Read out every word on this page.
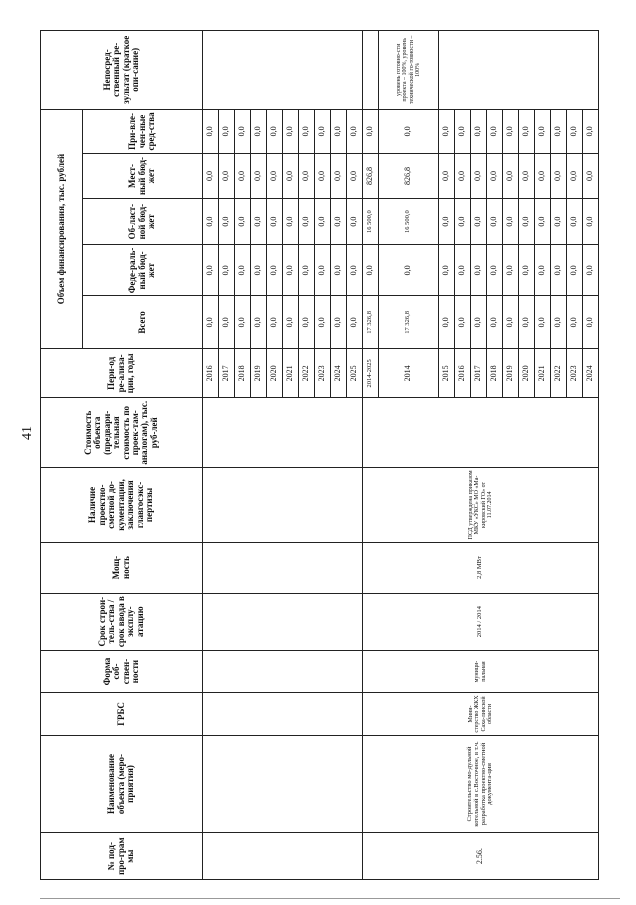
41
№ под-про-грам мы	Наименование объекта (меро-приятия)	ГРБС	Форма соб-ствен-ности	Срок строи-тель-ства / срок ввода в эксплу-атацию	Мощ-ность	Наличие проектно-сметной до-кументации, заключения главгосэкс-пертизы	Стоимость объекта (предвари-тельная стоимость по проек-там-аналогам), тыс. руб-лей	Пери-од ре-ализа-ции, годы	Объем финансирования, тыс. рублей					Непосред-ственный ре-зультат (краткое опи-сание)
									Всего	Феде-раль-ный бюд-жет	Об-ласт-ной бюд-жет	Мест-ный бюд-жет	При-вле-чен-ные сред-ства	
								2016	0,0	0,0	0,0	0,0	0,0	
								2017	0,0	0,0	0,0	0,0	0,0	
								2018	0,0	0,0	0,0	0,0	0,0	
								2019	0,0	0,0	0,0	0,0	0,0	
								2020	0,0	0,0	0,0	0,0	0,0	
								2021	0,0	0,0	0,0	0,0	0,0	
								2022	0,0	0,0	0,0	0,0	0,0	
								2023	0,0	0,0	0,0	0,0	0,0	
								2024	0,0	0,0	0,0	0,0	0,0	
								2025	0,0	0,0	0,0	0,0	0,0	
2.56.	Строительство мо-дульной котельной в с.Восточное, в т.ч. разработка проектно-сметной документа-ции	Мини-стерство ЖКХ Саха-линской области	муници-пальная	2014 / 2014	2,8 МВт	ПСД утверждена приказом МКУ «УКС» МО «Ма-кировский ГО» от 11.07.2014		2014-2025	17 326,8	0,0	16 500,0	826,8	0,0	
								2014	17 326,8	0,0	16 500,0	826,8	0,0	уровень готовно-сти проекта – 100%, уровень технической го-товности – 100%
								2015	0,0	0,0	0,0	0,0	0,0	
								2016	0,0	0,0	0,0	0,0	0,0	
								2017	0,0	0,0	0,0	0,0	0,0	
								2018	0,0	0,0	0,0	0,0	0,0	
								2019	0,0	0,0	0,0	0,0	0,0	
								2020	0,0	0,0	0,0	0,0	0,0	
								2021	0,0	0,0	0,0	0,0	0,0	
								2022	0,0	0,0	0,0	0,0	0,0	
								2023	0,0	0,0	0,0	0,0	0,0	
								2024	0,0	0,0	0,0	0,0	0,0	
